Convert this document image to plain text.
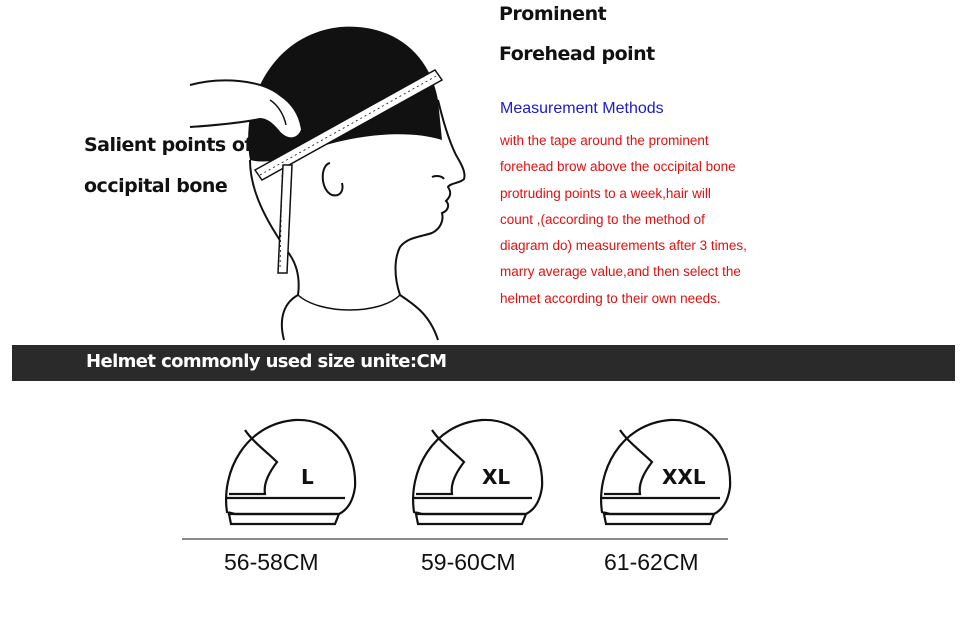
Prominent
Forehead point
Salient points of
occipital bone
Measurement Methods
with the tape around the prominent
forehead brow above the occipital bone
protruding points to a week,hair will
count ,(according to the method of
diagram do) measurements after 3 times,
marry average value,and then select the
helmet according to their own needs.
Helmet commonly used size unite:CM
L	XL	XXL
56-58CM	59-60CM	61-62CM
